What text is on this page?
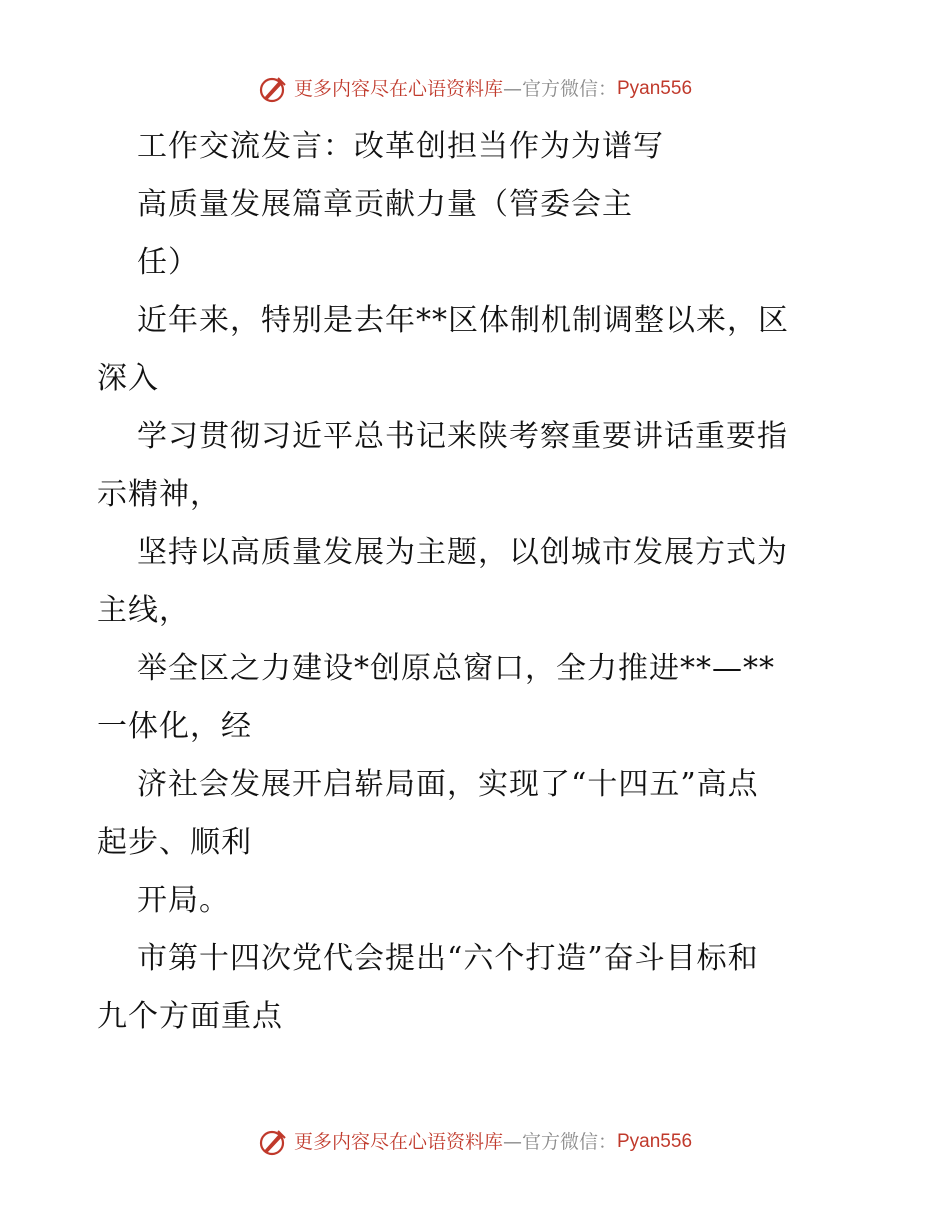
更多内容尽在心语资料库 — 官方微信： Pyan556
工作交流发言：改革创担当作为为谱写
高质量发展篇章贡献力量（管委会主
任）
近年来，特别是去年**区体制机制调整以来，区
深入
学习贯彻习近平总书记来陕考察重要讲话重要指
示精神，
坚持以高质量发展为主题，以创城市发展方式为
主线，
举全区之力建设*创原总窗口，全力推进**—**
一体化，经
济社会发展开启崭局面，实现了“十四五”高点
起步、顺利
开局。
市第十四次党代会提出“六个打造”奋斗目标和
九个方面重点
更多内容尽在心语资料库 — 官方微信： Pyan556
